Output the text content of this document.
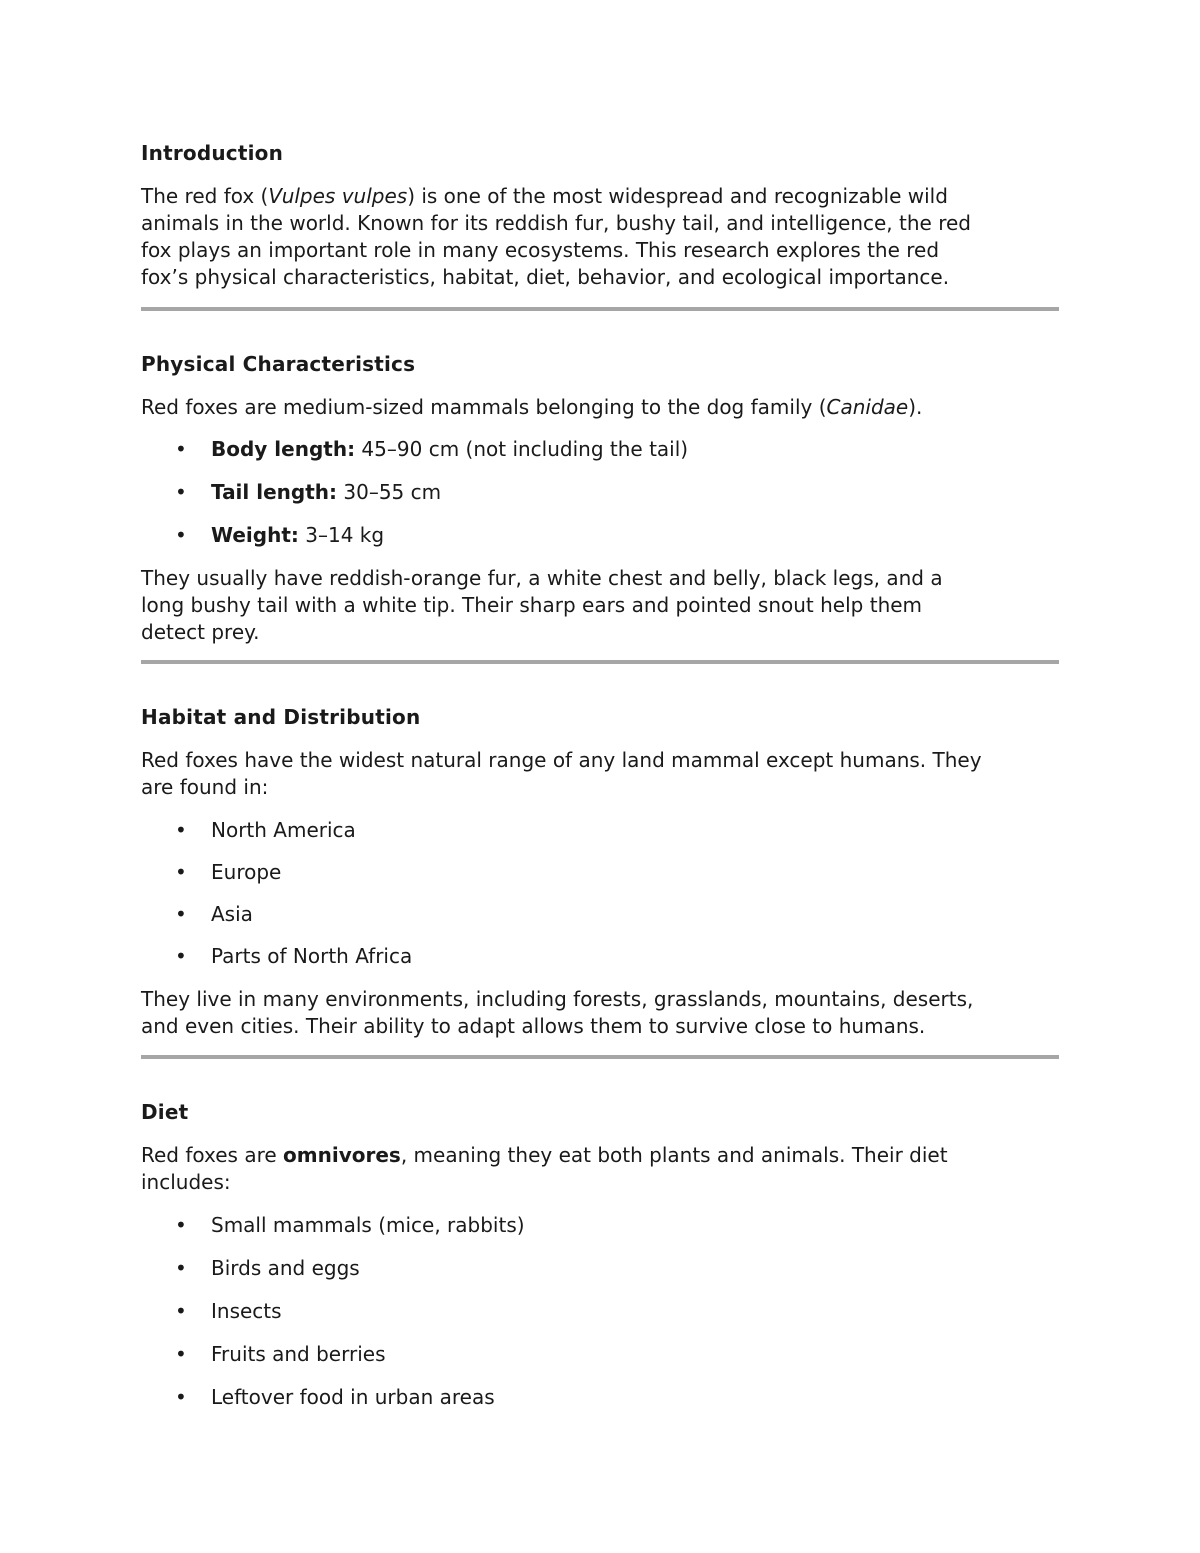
Introduction

The red fox (Vulpes vulpes) is one of the most widespread and recognizable wild

animals in the world. Known for its reddish fur, bushy tail, and intelligence, the red

fox plays an important role in many ecosystems. This research explores the red

fox’s physical characteristics, habitat, diet, behavior, and ecological importance.

Physical Characteristics

Red foxes are medium-sized mammals belonging to the dog family (Canidae).

• Body length: 45–90 cm (not including the tail)
• Tail length: 30–55 cm
• Weight: 3–14 kg

They usually have reddish-orange fur, a white chest and belly, black legs, and a

long bushy tail with a white tip. Their sharp ears and pointed snout help them

detect prey.

Habitat and Distribution

Red foxes have the widest natural range of any land mammal except humans. They

are found in:

• North America
• Europe
• Asia
• Parts of North Africa

They live in many environments, including forests, grasslands, mountains, deserts,

and even cities. Their ability to adapt allows them to survive close to humans.

Diet

Red foxes are omnivores, meaning they eat both plants and animals. Their diet

includes:

• Small mammals (mice, rabbits)
• Birds and eggs
• Insects
• Fruits and berries
• Leftover food in urban areas
